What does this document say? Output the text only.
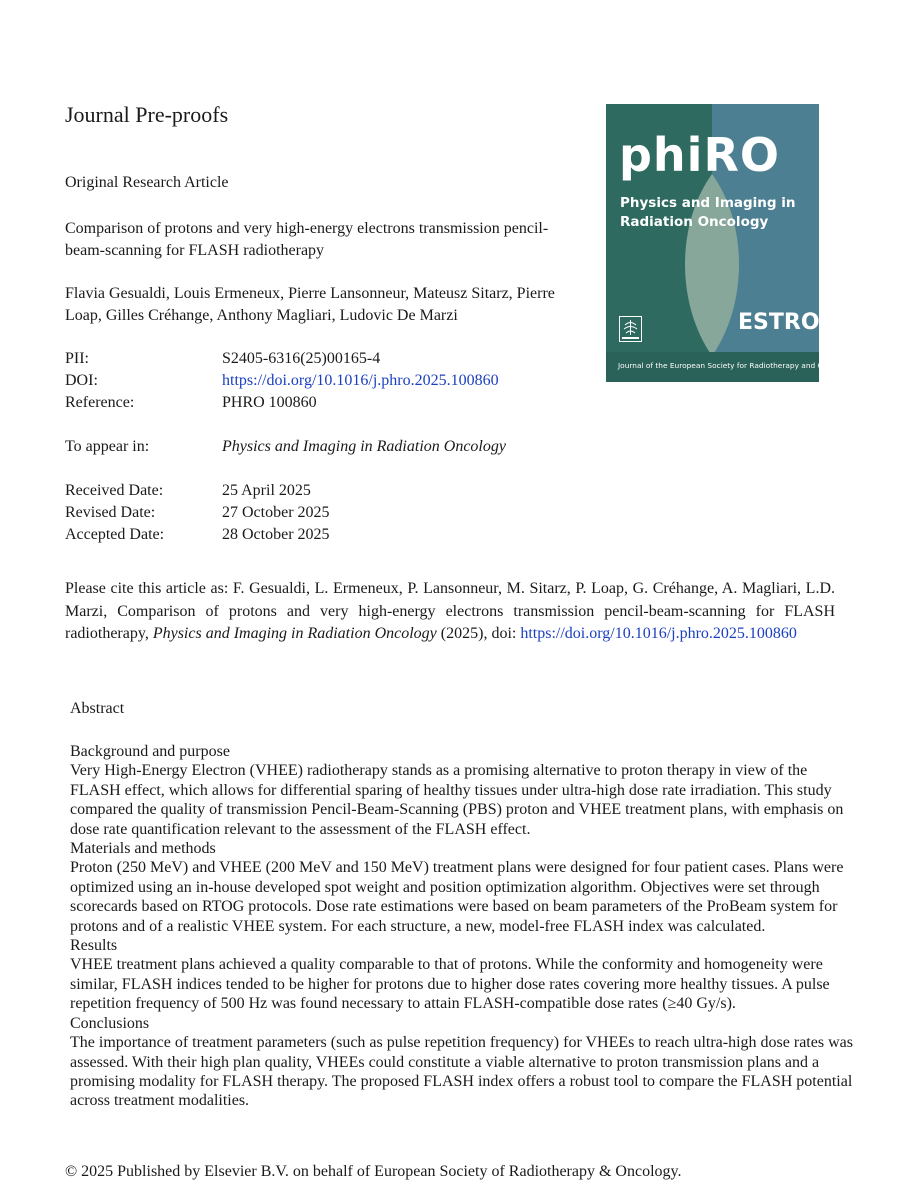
Journal Pre-proofs
phiRO
Physics and Imaging in Radiation Oncology
ESTRO
Journal of the European Society for Radiotherapy and Oncology
Original Research Article
Comparison of protons and very high-energy electrons transmission pencil-beam-scanning for FLASH radiotherapy
Flavia Gesualdi, Louis Ermeneux, Pierre Lansonneur, Mateusz Sitarz, Pierre Loap, Gilles Créhange, Anthony Magliari, Ludovic De Marzi
PII:	S2405-6316(25)00165-4
DOI:	https://doi.org/10.1016/j.phro.2025.100860
Reference:	PHRO 100860
To appear in:	Physics and Imaging in Radiation Oncology
Received Date:	25 April 2025
Revised Date:	27 October 2025
Accepted Date:	28 October 2025
Please cite this article as: F. Gesualdi, L. Ermeneux, P. Lansonneur, M. Sitarz, P. Loap, G. Créhange, A. Magliari, L.D. Marzi, Comparison of protons and very high-energy electrons transmission pencil-beam-scanning for FLASH radiotherapy, Physics and Imaging in Radiation Oncology (2025), doi: https://doi.org/10.1016/j.phro.2025.100860
Abstract

Background and purpose

Very High-Energy Electron (VHEE) radiotherapy stands as a promising alternative to proton therapy in view of the FLASH effect, which allows for differential sparing of healthy tissues under ultra-high dose rate irradiation. This study compared the quality of transmission Pencil-Beam-Scanning (PBS) proton and VHEE treatment plans, with emphasis on dose rate quantification relevant to the assessment of the FLASH effect.

Materials and methods

Proton (250 MeV) and VHEE (200 MeV and 150 MeV) treatment plans were designed for four patient cases. Plans were optimized using an in-house developed spot weight and position optimization algorithm. Objectives were set through scorecards based on RTOG protocols. Dose rate estimations were based on beam parameters of the ProBeam system for protons and of a realistic VHEE system. For each structure, a new, model-free FLASH index was calculated.

Results

VHEE treatment plans achieved a quality comparable to that of protons. While the conformity and homogeneity were similar, FLASH indices tended to be higher for protons due to higher dose rates covering more healthy tissues. A pulse repetition frequency of 500 Hz was found necessary to attain FLASH-compatible dose rates (≥40 Gy/s).

Conclusions

The importance of treatment parameters (such as pulse repetition frequency) for VHEEs to reach ultra-high dose rates was assessed. With their high plan quality, VHEEs could constitute a viable alternative to proton transmission plans and a promising modality for FLASH therapy. The proposed FLASH index offers a robust tool to compare the FLASH potential across treatment modalities.

© 2025 Published by Elsevier B.V. on behalf of European Society of Radiotherapy & Oncology.
